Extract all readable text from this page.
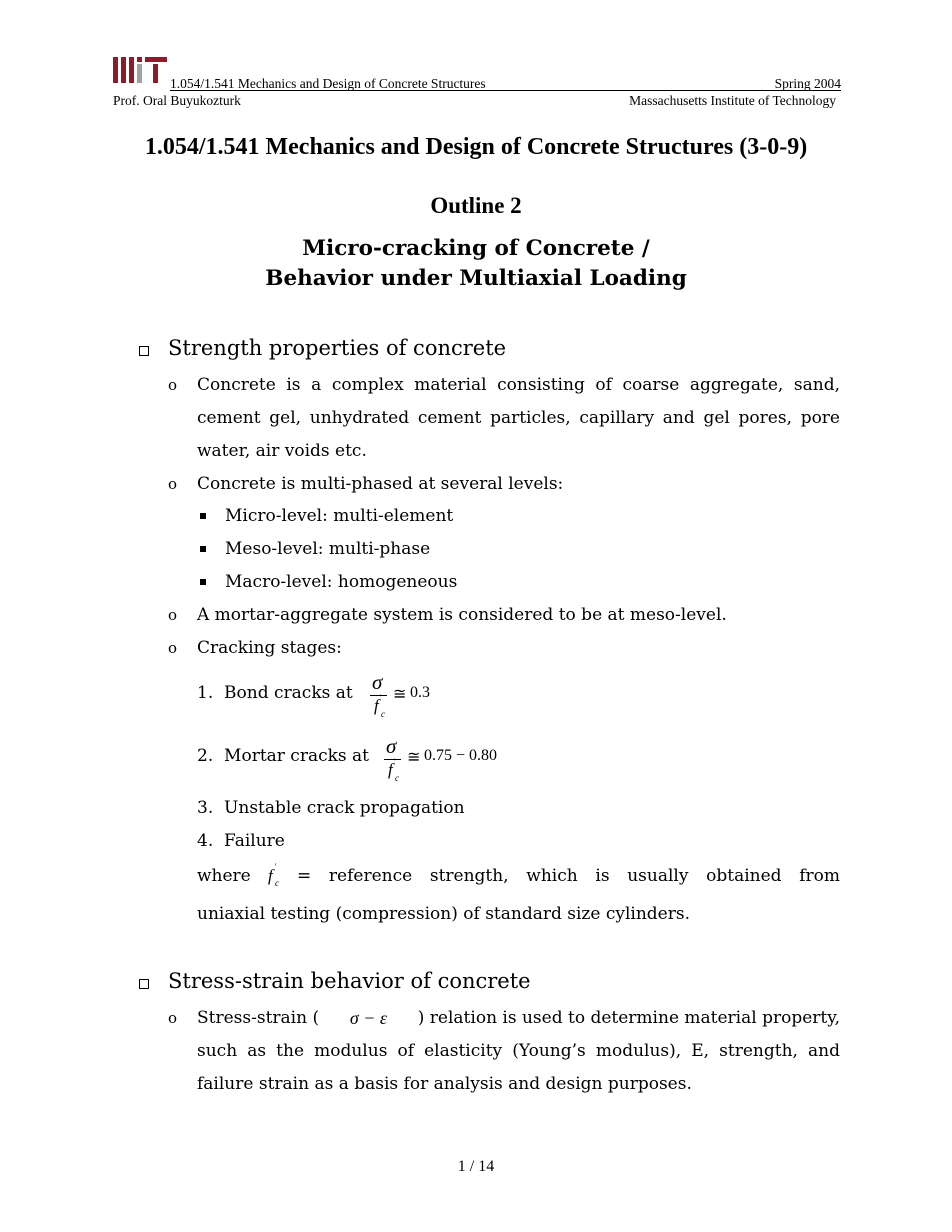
1.054/1.541 Mechanics and Design of Concrete Structures	Spring 2004
Prof. Oral Buyukozturk	Massachusetts Institute of Technology
1.054/1.541 Mechanics and Design of Concrete Structures (3-0-9)
Outline 2
Micro-cracking of Concrete /
Behavior under Multiaxial Loading
Strength properties of concrete
o Concrete is a complex material consisting of coarse aggregate, sand,
cement gel, unhydrated cement particles, capillary and gel pores, pore
water, air voids etc.
o Concrete is multi-phased at several levels:
Micro-level: multi-element
Meso-level: multi-phase
Macro-level: homogeneous
o A mortar-aggregate system is considered to be at meso-level.
o Cracking stages:
1. Bond cracks at σ
f '
c
≅ 0.3
2. Mortar cracks at σ
f '
c
≅ 0.75 − 0.80
3. Unstable crack propagation
4. Failure
where f '
c = reference strength, which is usually obtained from
uniaxial testing (compression) of standard size cylinders.
Stress-strain behavior of concrete
o Stress-strain ( σ − ε ) relation is used to determine material property,
such as the modulus of elasticity (Young’s modulus), E, strength, and
failure strain as a basis for analysis and design purposes.
1 / 14
